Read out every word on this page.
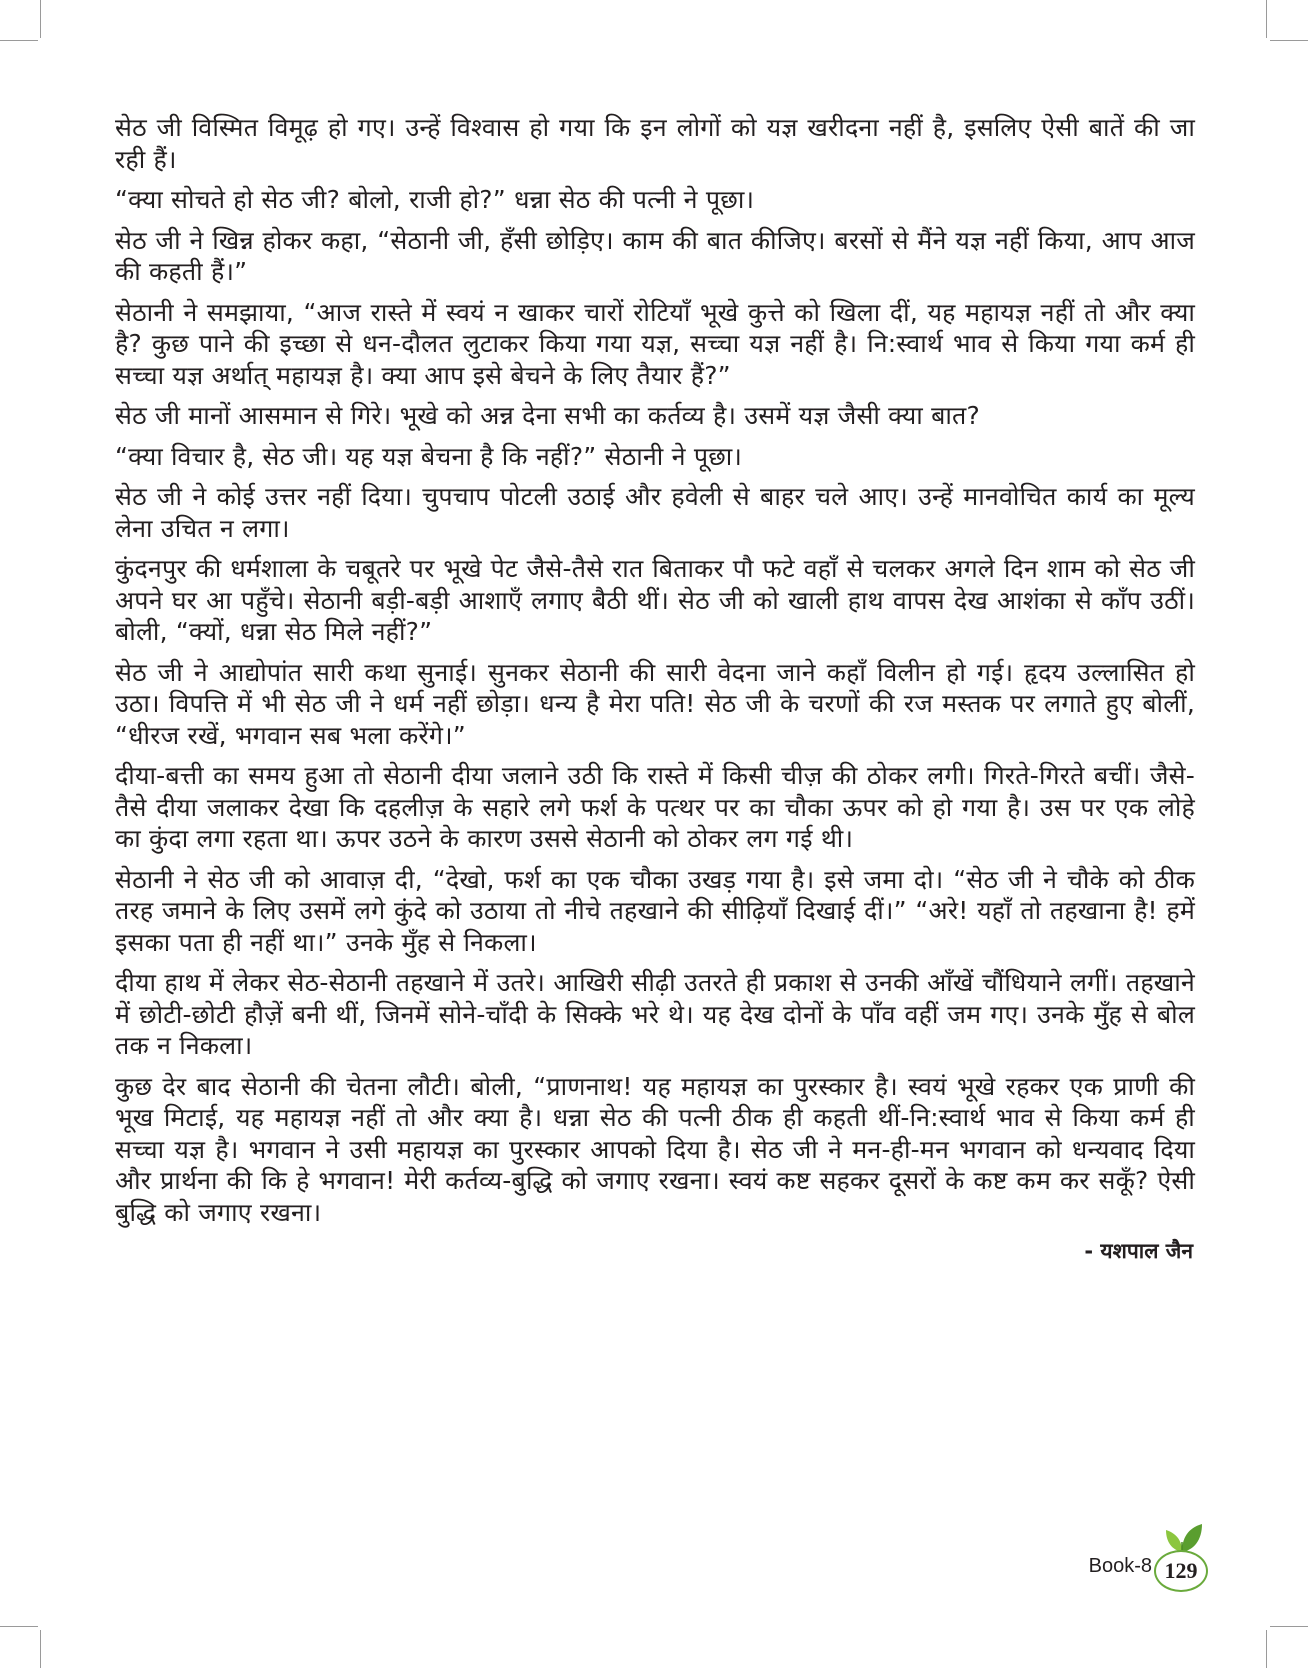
सेठ जी विस्मित विमूढ़ हो गए। उन्हें विश्वास हो गया कि इन लोगों को यज्ञ खरीदना नहीं है, इसलिए ऐसी बातें की जा रही हैं।

“क्या सोचते हो सेठ जी? बोलो, राजी हो?” धन्ना सेठ की पत्नी ने पूछा।

सेठ जी ने खिन्न होकर कहा, “सेठानी जी, हँसी छोड़िए। काम की बात कीजिए। बरसों से मैंने यज्ञ नहीं किया, आप आज की कहती हैं।”

सेठानी ने समझाया, “आज रास्ते में स्वयं न खाकर चारों रोटियाँ भूखे कुत्ते को खिला दीं, यह महायज्ञ नहीं तो और क्या है? कुछ पाने की इच्छा से धन-दौलत लुटाकर किया गया यज्ञ, सच्चा यज्ञ नहीं है। नि:स्वार्थ भाव से किया गया कर्म ही सच्चा यज्ञ अर्थात् महायज्ञ है। क्या आप इसे बेचने के लिए तैयार हैं?”

सेठ जी मानों आसमान से गिरे। भूखे को अन्न देना सभी का कर्तव्य है। उसमें यज्ञ जैसी क्या बात?

“क्या विचार है, सेठ जी। यह यज्ञ बेचना है कि नहीं?” सेठानी ने पूछा।

सेठ जी ने कोई उत्तर नहीं दिया। चुपचाप पोटली उठाई और हवेली से बाहर चले आए। उन्हें मानवोचित कार्य का मूल्य लेना उचित न लगा।

कुंदनपुर की धर्मशाला के चबूतरे पर भूखे पेट जैसे-तैसे रात बिताकर पौ फटे वहाँ से चलकर अगले दिन शाम को सेठ जी अपने घर आ पहुँचे। सेठानी बड़ी-बड़ी आशाएँ लगाए बैठी थीं। सेठ जी को खाली हाथ वापस देख आशंका से काँप उठीं। बोली, “क्यों, धन्ना सेठ मिले नहीं?”

सेठ जी ने आद्योपांत सारी कथा सुनाई। सुनकर सेठानी की सारी वेदना जाने कहाँ विलीन हो गई। हृदय उल्लासित हो उठा। विपत्ति में भी सेठ जी ने धर्म नहीं छोड़ा। धन्य है मेरा पति! सेठ जी के चरणों की रज मस्तक पर लगाते हुए बोलीं, “धीरज रखें, भगवान सब भला करेंगे।”

दीया-बत्ती का समय हुआ तो सेठानी दीया जलाने उठी कि रास्ते में किसी चीज़ की ठोकर लगी। गिरते-गिरते बचीं। जैसे-तैसे दीया जलाकर देखा कि दहलीज़ के सहारे लगे फर्श के पत्थर पर का चौका ऊपर को हो गया है। उस पर एक लोहे का कुंदा लगा रहता था। ऊपर उठने के कारण उससे सेठानी को ठोकर लग गई थी।

सेठानी ने सेठ जी को आवाज़ दी, “देखो, फर्श का एक चौका उखड़ गया है। इसे जमा दो। “सेठ जी ने चौके को ठीक तरह जमाने के लिए उसमें लगे कुंदे को उठाया तो नीचे तहखाने की सीढ़ियाँ दिखाई दीं।” “अरे! यहाँ तो तहखाना है! हमें इसका पता ही नहीं था।” उनके मुँह से निकला।

दीया हाथ में लेकर सेठ-सेठानी तहखाने में उतरे। आखिरी सीढ़ी उतरते ही प्रकाश से उनकी आँखें चौंधियाने लगीं। तहखाने में छोटी-छोटी हौज़ें बनी थीं, जिनमें सोने-चाँदी के सिक्के भरे थे। यह देख दोनों के पाँव वहीं जम गए। उनके मुँह से बोल तक न निकला।

कुछ देर बाद सेठानी की चेतना लौटी। बोली, “प्राणनाथ! यह महायज्ञ का पुरस्कार है। स्वयं भूखे रहकर एक प्राणी की भूख मिटाई, यह महायज्ञ नहीं तो और क्या है। धन्ना सेठ की पत्नी ठीक ही कहती थीं-नि:स्वार्थ भाव से किया कर्म ही सच्चा यज्ञ है। भगवान ने उसी महायज्ञ का पुरस्कार आपको दिया है। सेठ जी ने मन-ही-मन भगवान को धन्यवाद दिया और प्रार्थना की कि हे भगवान! मेरी कर्तव्य-बुद्धि को जगाए रखना। स्वयं कष्ट सहकर दूसरों के कष्ट कम कर सकूँ? ऐसी बुद्धि को जगाए रखना।

- यशपाल जैन
Book-8 129
